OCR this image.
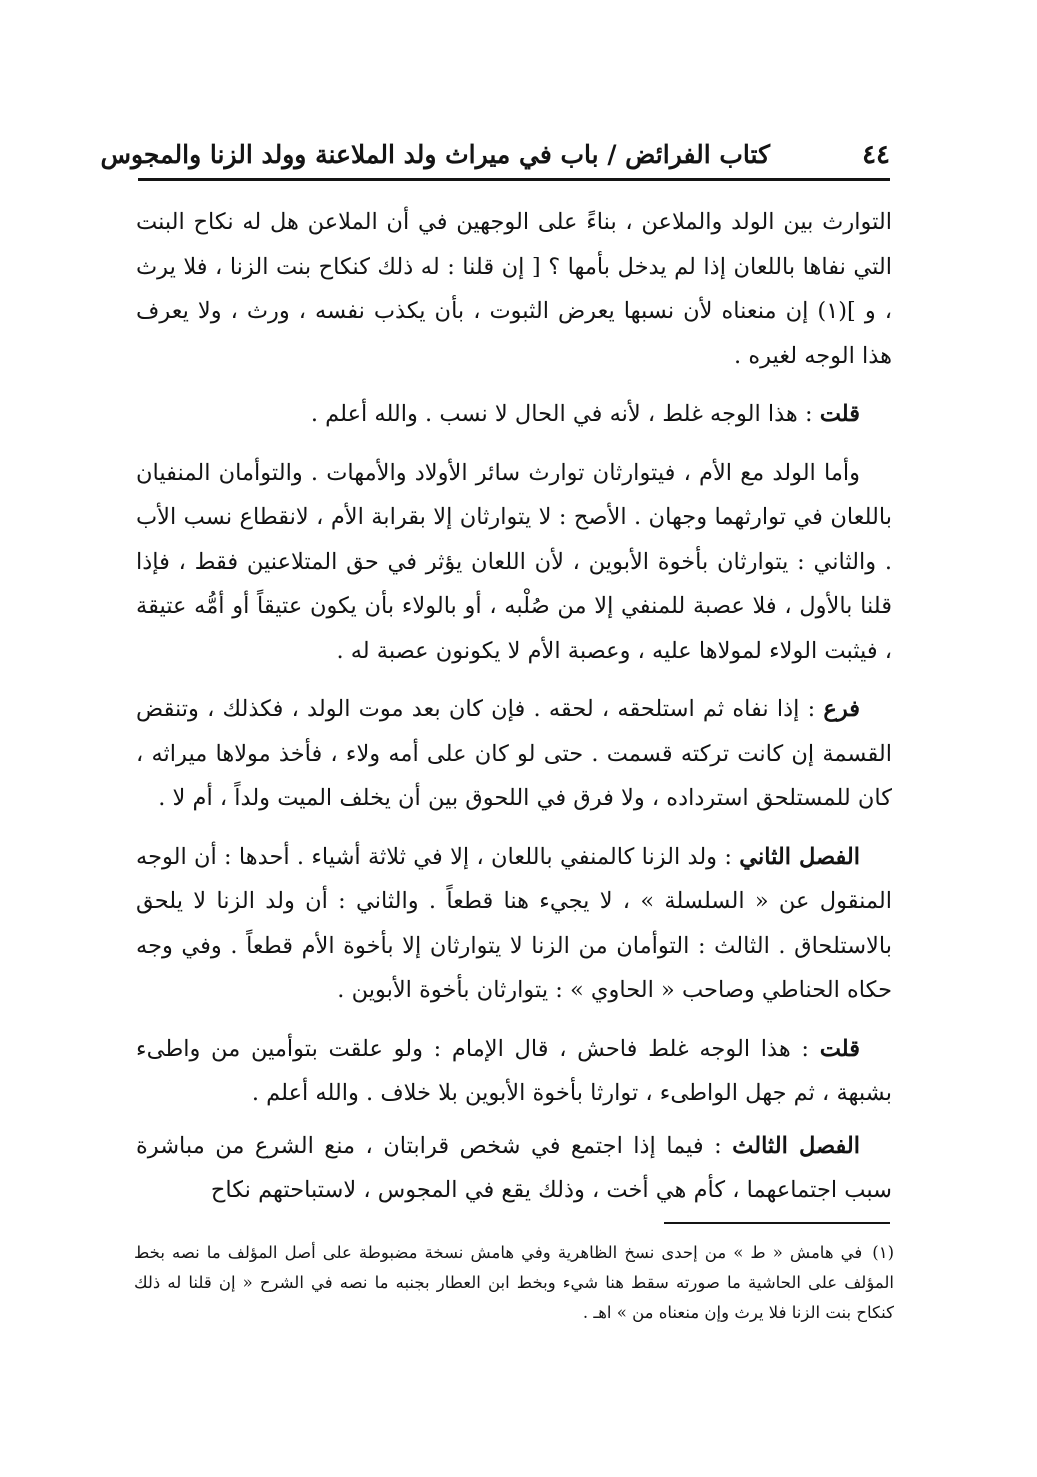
٤٤
كتاب الفرائض / باب في ميراث ولد الملاعنة وولد الزنا والمجوس

التوارث بين الولد والملاعن ، بناءً على الوجهين في أن الملاعن هل له نكاح البنت التي نفاها باللعان إذا لم يدخل بأمها ؟ [ إن قلنا : له ذلك كنكاح بنت الزنا ، فلا يرث ، و ](١) إن منعناه لأن نسبها يعرض الثبوت ، بأن يكذب نفسه ، ورث ، ولا يعرف هذا الوجه لغيره .

قلت : هذا الوجه غلط ، لأنه في الحال لا نسب . والله أعلم .

وأما الولد مع الأم ، فيتوارثان توارث سائر الأولاد والأمهات . والتوأمان المنفيان باللعان في توارثهما وجهان . الأصح : لا يتوارثان إلا بقرابة الأم ، لانقطاع نسب الأب . والثاني : يتوارثان بأخوة الأبوين ، لأن اللعان يؤثر في حق المتلاعنين فقط ، فإذا قلنا بالأول ، فلا عصبة للمنفي إلا من صُلْبه ، أو بالولاء بأن يكون عتيقاً أو أمُّه عتيقة ، فيثبت الولاء لمولاها عليه ، وعصبة الأم لا يكونون عصبة له .

فرع : إذا نفاه ثم استلحقه ، لحقه . فإن كان بعد موت الولد ، فكذلك ، وتنقض القسمة إن كانت تركته قسمت . حتى لو كان على أمه ولاء ، فأخذ مولاها ميراثه ، كان للمستلحق استرداده ، ولا فرق في اللحوق بين أن يخلف الميت ولداً ، أم لا .

الفصل الثاني : ولد الزنا كالمنفي باللعان ، إلا في ثلاثة أشياء . أحدها : أن الوجه المنقول عن « السلسلة » ، لا يجيء هنا قطعاً . والثاني : أن ولد الزنا لا يلحق بالاستلحاق . الثالث : التوأمان من الزنا لا يتوارثان إلا بأخوة الأم قطعاً . وفي وجه حكاه الحناطي وصاحب « الحاوي » : يتوارثان بأخوة الأبوين .

قلت : هذا الوجه غلط فاحش ، قال الإمام : ولو علقت بتوأمين من واطىء بشبهة ، ثم جهل الواطىء ، توارثا بأخوة الأبوين بلا خلاف . والله أعلم .

الفصل الثالث : فيما إذا اجتمع في شخص قرابتان ، منع الشرع من مباشرة سبب اجتماعهما ، كأم هي أخت ، وذلك يقع في المجوس ، لاستباحتهم نكاح

(١)في هامش « ط » من إحدى نسخ الظاهرية وفي هامش نسخة مضبوطة على أصل المؤلف ما نصه بخط المؤلف على الحاشية ما صورته سقط هنا شيء وبخط ابن العطار بجنبه ما نصه في الشرح « إن قلنا له ذلك كنكاح بنت الزنا فلا يرث وإن منعناه من » اهـ .
